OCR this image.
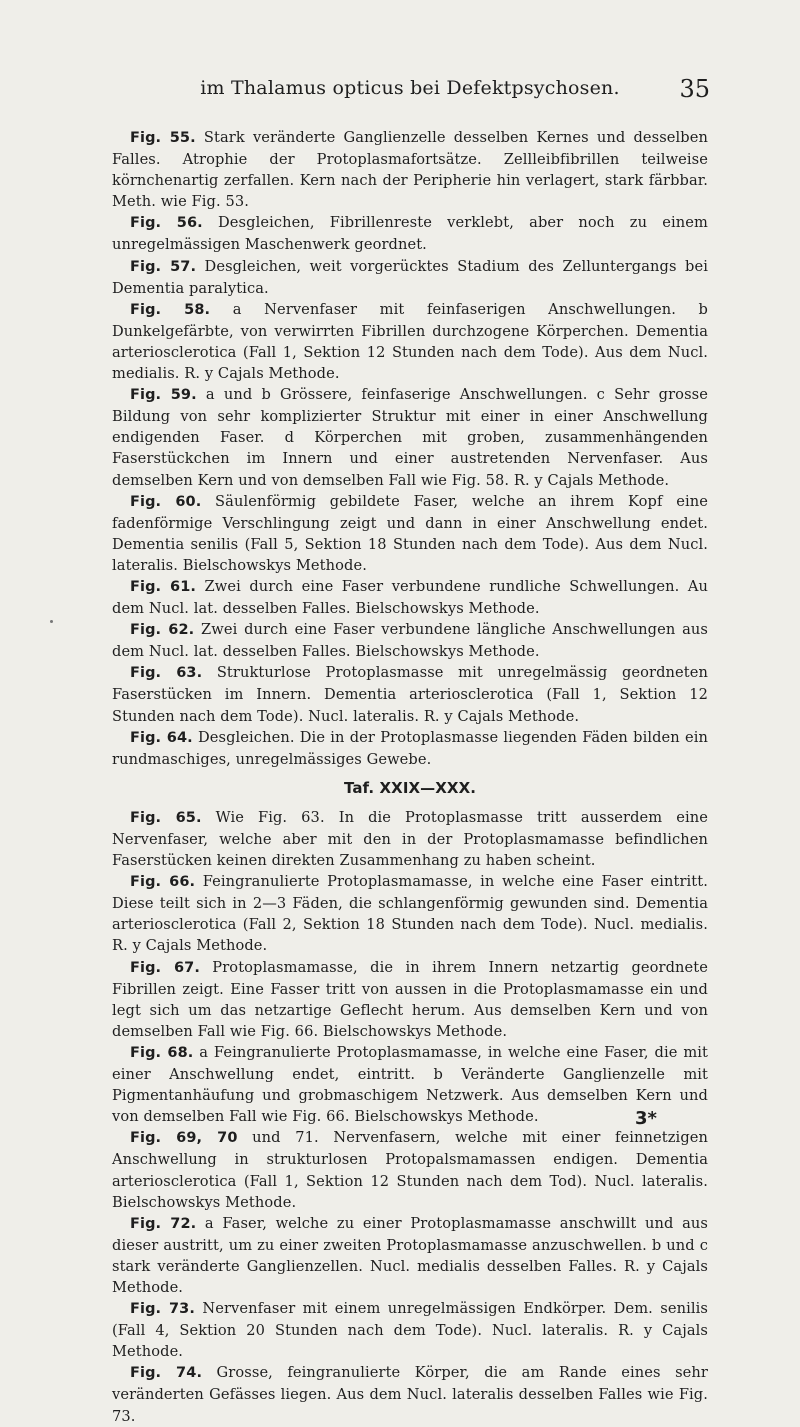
im Thalamus opticus bei Defektpsychosen.	35

Fig. 55. Stark veränderte Ganglienzelle desselben Kernes und desselben Falles. Atrophie der Protoplasmafortsätze. Zellleibfibrillen teilweise körnchenartig zerfallen. Kern nach der Peripherie hin verlagert, stark färbbar. Meth. wie Fig. 53.

Fig. 56. Desgleichen, Fibrillenreste verklebt, aber noch zu einem unregelmässigen Maschenwerk geordnet.

Fig. 57. Desgleichen, weit vorgerücktes Stadium des Zelluntergangs bei Dementia paralytica.

Fig. 58. a Nervenfaser mit feinfaserigen Anschwellungen. b Dunkelgefärbte, von verwirrten Fibrillen durchzogene Körperchen. Dementia arteriosclerotica (Fall 1, Sektion 12 Stunden nach dem Tode). Aus dem Nucl. medialis. R. y Cajals Methode.

Fig. 59. a und b Grössere, feinfaserige Anschwellungen. c Sehr grosse Bildung von sehr komplizierter Struktur mit einer in einer Anschwellung endigenden Faser. d Körperchen mit groben, zusammenhängenden Faserstückchen im Innern und einer austretenden Nervenfaser. Aus demselben Kern und von demselben Fall wie Fig. 58. R. y Cajals Methode.

Fig. 60. Säulenförmig gebildete Faser, welche an ihrem Kopf eine fadenförmige Verschlingung zeigt und dann in einer Anschwellung endet. Dementia senilis (Fall 5, Sektion 18 Stunden nach dem Tode). Aus dem Nucl. lateralis. Bielschowskys Methode.

Fig. 61. Zwei durch eine Faser verbundene rundliche Schwellungen. Au dem Nucl. lat. desselben Falles. Bielschowskys Methode.

Fig. 62. Zwei durch eine Faser verbundene längliche Anschwellungen aus dem Nucl. lat. desselben Falles. Bielschowskys Methode.

Fig. 63. Strukturlose Protoplasmasse mit unregelmässig geordneten Faserstücken im Innern. Dementia arteriosclerotica (Fall 1, Sektion 12 Stunden nach dem Tode). Nucl. lateralis. R. y Cajals Methode.

Fig. 64. Desgleichen. Die in der Protoplasmasse liegenden Fäden bilden ein rundmaschiges, unregelmässiges Gewebe.

Taf. XXIX—XXX.

Fig. 65. Wie Fig. 63. In die Protoplasmasse tritt ausserdem eine Nervenfaser, welche aber mit den in der Protoplasmamasse befindlichen Faserstücken keinen direkten Zusammenhang zu haben scheint.

Fig. 66. Feingranulierte Protoplasmamasse, in welche eine Faser eintritt. Diese teilt sich in 2—3 Fäden, die schlangenförmig gewunden sind. Dementia arteriosclerotica (Fall 2, Sektion 18 Stunden nach dem Tode). Nucl. medialis. R. y Cajals Methode.

Fig. 67. Protoplasmamasse, die in ihrem Innern netzartig geordnete Fibrillen zeigt. Eine Fasser tritt von aussen in die Protoplasmamasse ein und legt sich um das netzartige Geflecht herum. Aus demselben Kern und von demselben Fall wie Fig. 66. Bielschowskys Methode.

Fig. 68. a Feingranulierte Protoplasmamasse, in welche eine Faser, die mit einer Anschwellung endet, eintritt. b Veränderte Ganglienzelle mit Pigmentanhäufung und grobmaschigem Netzwerk. Aus demselben Kern und von demselben Fall wie Fig. 66. Bielschowskys Methode.

Fig. 69, 70 und 71. Nervenfasern, welche mit einer feinnetzigen Anschwellung in strukturlosen Protopalsmamassen endigen. Dementia arteriosclerotica (Fall 1, Sektion 12 Stunden nach dem Tod). Nucl. lateralis. Bielschowskys Methode.

Fig. 72. a Faser, welche zu einer Protoplasmamasse anschwillt und aus dieser austritt, um zu einer zweiten Protoplasmamasse anzuschwellen. b und c stark veränderte Ganglienzellen. Nucl. medialis desselben Falles. R. y Cajals Methode.

Fig. 73. Nervenfaser mit einem unregelmässigen Endkörper. Dem. senilis (Fall 4, Sektion 20 Stunden nach dem Tode). Nucl. lateralis. R. y Cajals Methode.

Fig. 74. Grosse, feingranulierte Körper, die am Rande eines sehr veränderten Gefässes liegen. Aus dem Nucl. lateralis desselben Falles wie Fig. 73.

3*
